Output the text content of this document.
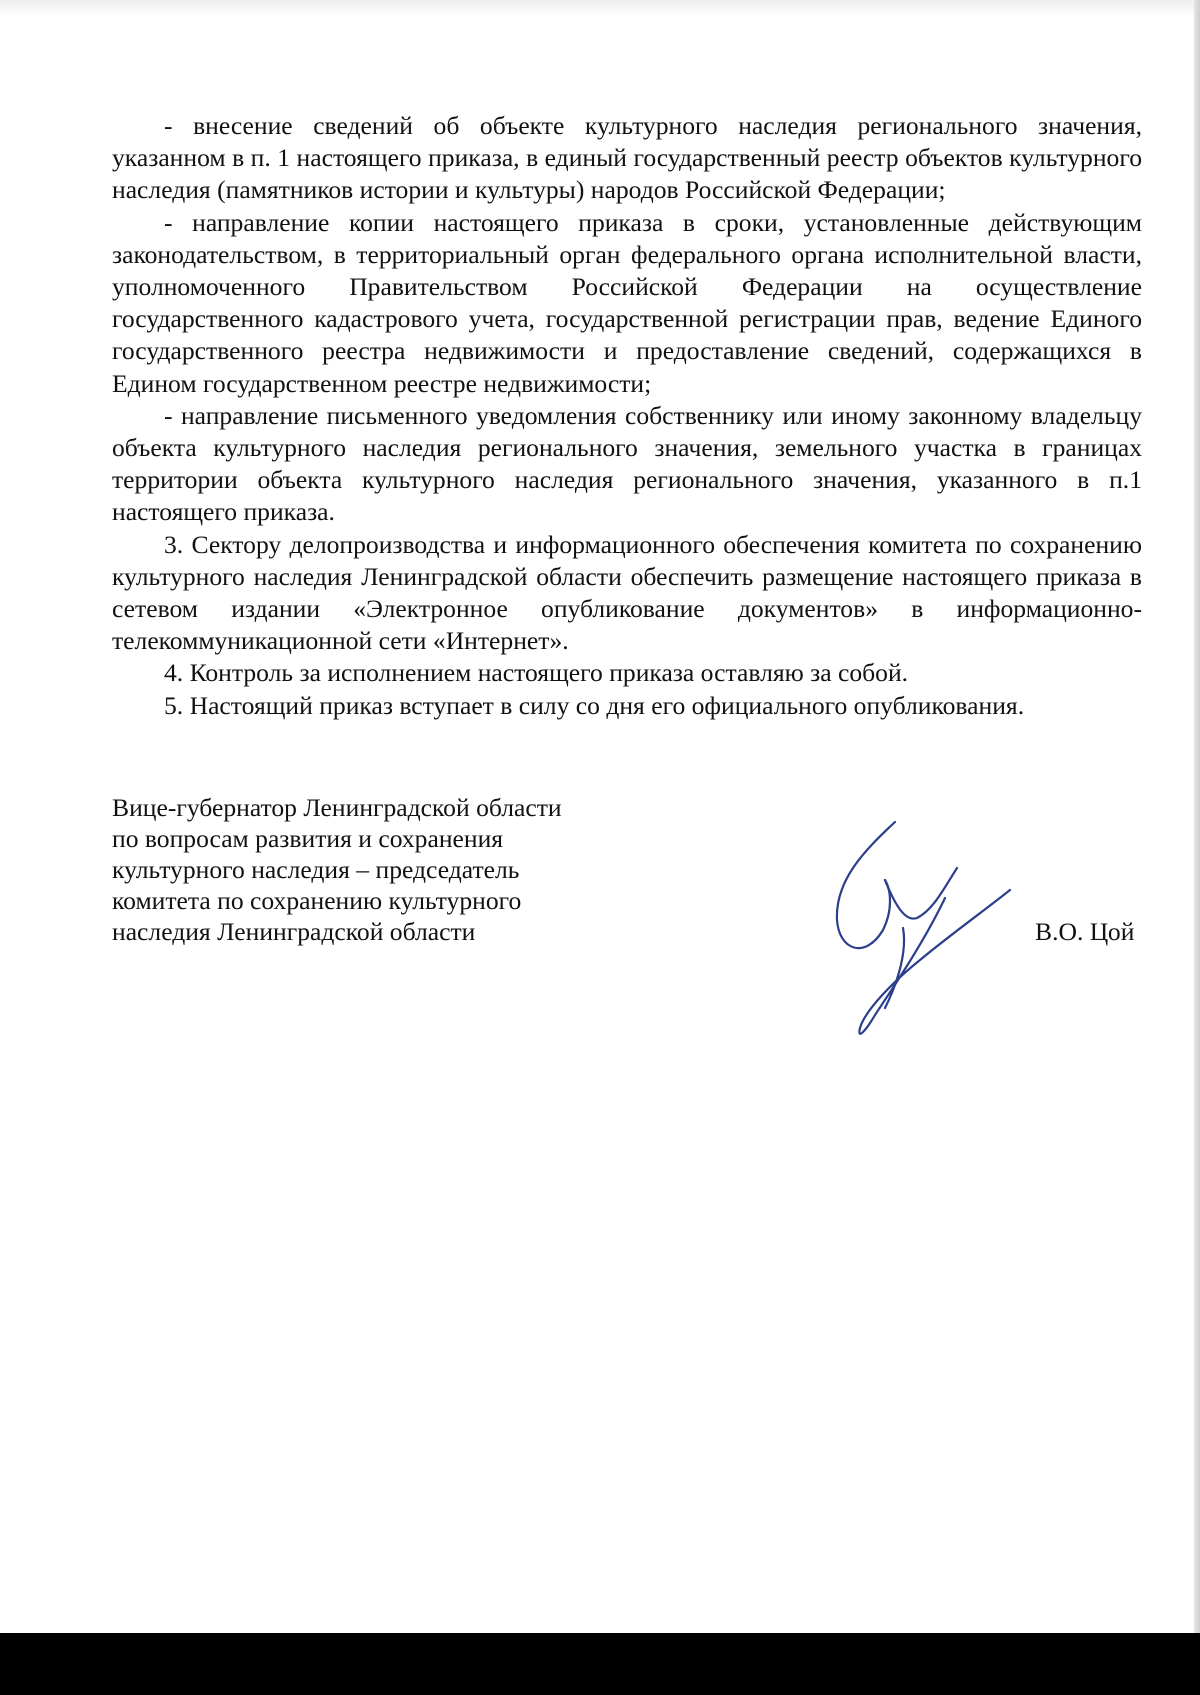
- внесение сведений об объекте культурного наследия регионального значения, указанном в п. 1 настоящего приказа, в единый государственный реестр объектов культурного наследия (памятников истории и культуры) народов Российской Федерации;

- направление копии настоящего приказа в сроки, установленные действующим законодательством, в территориальный орган федерального органа исполнительной власти, уполномоченного Правительством Российской Федерации на осуществление государственного кадастрового учета, государственной регистрации прав, ведение Единого государственного реестра недвижимости и предоставление сведений, содержащихся в Едином государственном реестре недвижимости;

- направление письменного уведомления собственнику или иному законному владельцу объекта культурного наследия регионального значения, земельного участка в границах территории объекта культурного наследия регионального значения, указанного в п.1 настоящего приказа.

3. Сектору делопроизводства и информационного обеспечения комитета по сохранению культурного наследия Ленинградской области обеспечить размещение настоящего приказа в сетевом издании «Электронное опубликование документов» в информационно-телекоммуникационной сети «Интернет».

4. Контроль за исполнением настоящего приказа оставляю за собой.

5. Настоящий приказ вступает в силу со дня его официального опубликования.

Вице-губернатор Ленинградской области
по вопросам развития и сохранения
культурного наследия – председатель
комитета по сохранению культурного
наследия Ленинградской области	В.О. Цой
